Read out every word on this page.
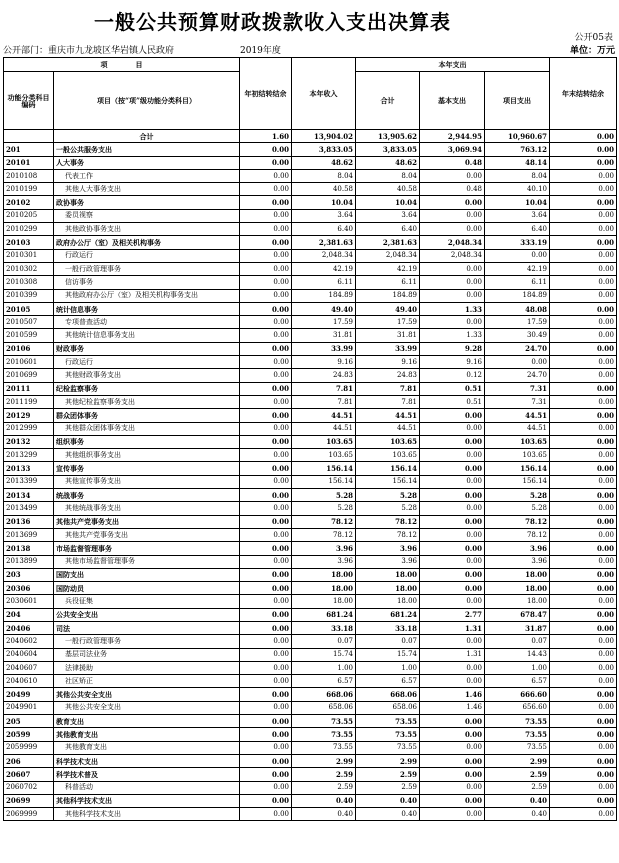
一般公共预算财政拨款收入支出决算表
公开05表
公开部门：重庆市九龙坡区华岩镇人民政府	2019年度	单位：万元
项　　　　目		年初结转结余	本年收入	本年支出			年末结转结余
功能分类科目编码	项目（按“项”级功能分类科目）			合计	基本支出	项目支出	
	合计	1.60	13,904.02	13,905.62	2,944.95	10,960.67	0.00
201	一般公共服务支出	0.00	3,833.05	3,833.05	3,069.94	763.12	0.00
20101	人大事务	0.00	48.62	48.62	0.48	48.14	0.00
2010108	代表工作	0.00	8.04	8.04	0.00	8.04	0.00
2010199	其他人大事务支出	0.00	40.58	40.58	0.48	40.10	0.00
20102	政协事务	0.00	10.04	10.04	0.00	10.04	0.00
2010205	委员视察	0.00	3.64	3.64	0.00	3.64	0.00
2010299	其他政协事务支出	0.00	6.40	6.40	0.00	6.40	0.00
20103	政府办公厅（室）及相关机构事务	0.00	2,381.63	2,381.63	2,048.34	333.19	0.00
2010301	行政运行	0.00	2,048.34	2,048.34	2,048.34	0.00	0.00
2010302	一般行政管理事务	0.00	42.19	42.19	0.00	42.19	0.00
2010308	信访事务	0.00	6.11	6.11	0.00	6.11	0.00
2010399	其他政府办公厅（室）及相关机构事务支出	0.00	184.89	184.89	0.00	184.89	0.00
20105	统计信息事务	0.00	49.40	49.40	1.33	48.08	0.00
2010507	专项普查活动	0.00	17.59	17.59	0.00	17.59	0.00
2010599	其他统计信息事务支出	0.00	31.81	31.81	1.33	30.49	0.00
20106	财政事务	0.00	33.99	33.99	9.28	24.70	0.00
2010601	行政运行	0.00	9.16	9.16	9.16	0.00	0.00
2010699	其他财政事务支出	0.00	24.83	24.83	0.12	24.70	0.00
20111	纪检监察事务	0.00	7.81	7.81	0.51	7.31	0.00
2011199	其他纪检监察事务支出	0.00	7.81	7.81	0.51	7.31	0.00
20129	群众团体事务	0.00	44.51	44.51	0.00	44.51	0.00
2012999	其他群众团体事务支出	0.00	44.51	44.51	0.00	44.51	0.00
20132	组织事务	0.00	103.65	103.65	0.00	103.65	0.00
2013299	其他组织事务支出	0.00	103.65	103.65	0.00	103.65	0.00
20133	宣传事务	0.00	156.14	156.14	0.00	156.14	0.00
2013399	其他宣传事务支出	0.00	156.14	156.14	0.00	156.14	0.00
20134	统战事务	0.00	5.28	5.28	0.00	5.28	0.00
2013499	其他统战事务支出	0.00	5.28	5.28	0.00	5.28	0.00
20136	其他共产党事务支出	0.00	78.12	78.12	0.00	78.12	0.00
2013699	其他共产党事务支出	0.00	78.12	78.12	0.00	78.12	0.00
20138	市场监督管理事务	0.00	3.96	3.96	0.00	3.96	0.00
2013899	其他市场监督管理事务	0.00	3.96	3.96	0.00	3.96	0.00
203	国防支出	0.00	18.00	18.00	0.00	18.00	0.00
20306	国防动员	0.00	18.00	18.00	0.00	18.00	0.00
2030601	兵役征集	0.00	18.00	18.00	0.00	18.00	0.00
204	公共安全支出	0.00	681.24	681.24	2.77	678.47	0.00
20406	司法	0.00	33.18	33.18	1.31	31.87	0.00
2040602	一般行政管理事务	0.00	0.07	0.07	0.00	0.07	0.00
2040604	基层司法业务	0.00	15.74	15.74	1.31	14.43	0.00
2040607	法律援助	0.00	1.00	1.00	0.00	1.00	0.00
2040610	社区矫正	0.00	6.57	6.57	0.00	6.57	0.00
20499	其他公共安全支出	0.00	668.06	668.06	1.46	666.60	0.00
2049901	其他公共安全支出	0.00	658.06	658.06	1.46	656.60	0.00
205	教育支出	0.00	73.55	73.55	0.00	73.55	0.00
20599	其他教育支出	0.00	73.55	73.55	0.00	73.55	0.00
2059999	其他教育支出	0.00	73.55	73.55	0.00	73.55	0.00
206	科学技术支出	0.00	2.99	2.99	0.00	2.99	0.00
20607	科学技术普及	0.00	2.59	2.59	0.00	2.59	0.00
2060702	科普活动	0.00	2.59	2.59	0.00	2.59	0.00
20699	其他科学技术支出	0.00	0.40	0.40	0.00	0.40	0.00
2069999	其他科学技术支出	0.00	0.40	0.40	0.00	0.40	0.00
